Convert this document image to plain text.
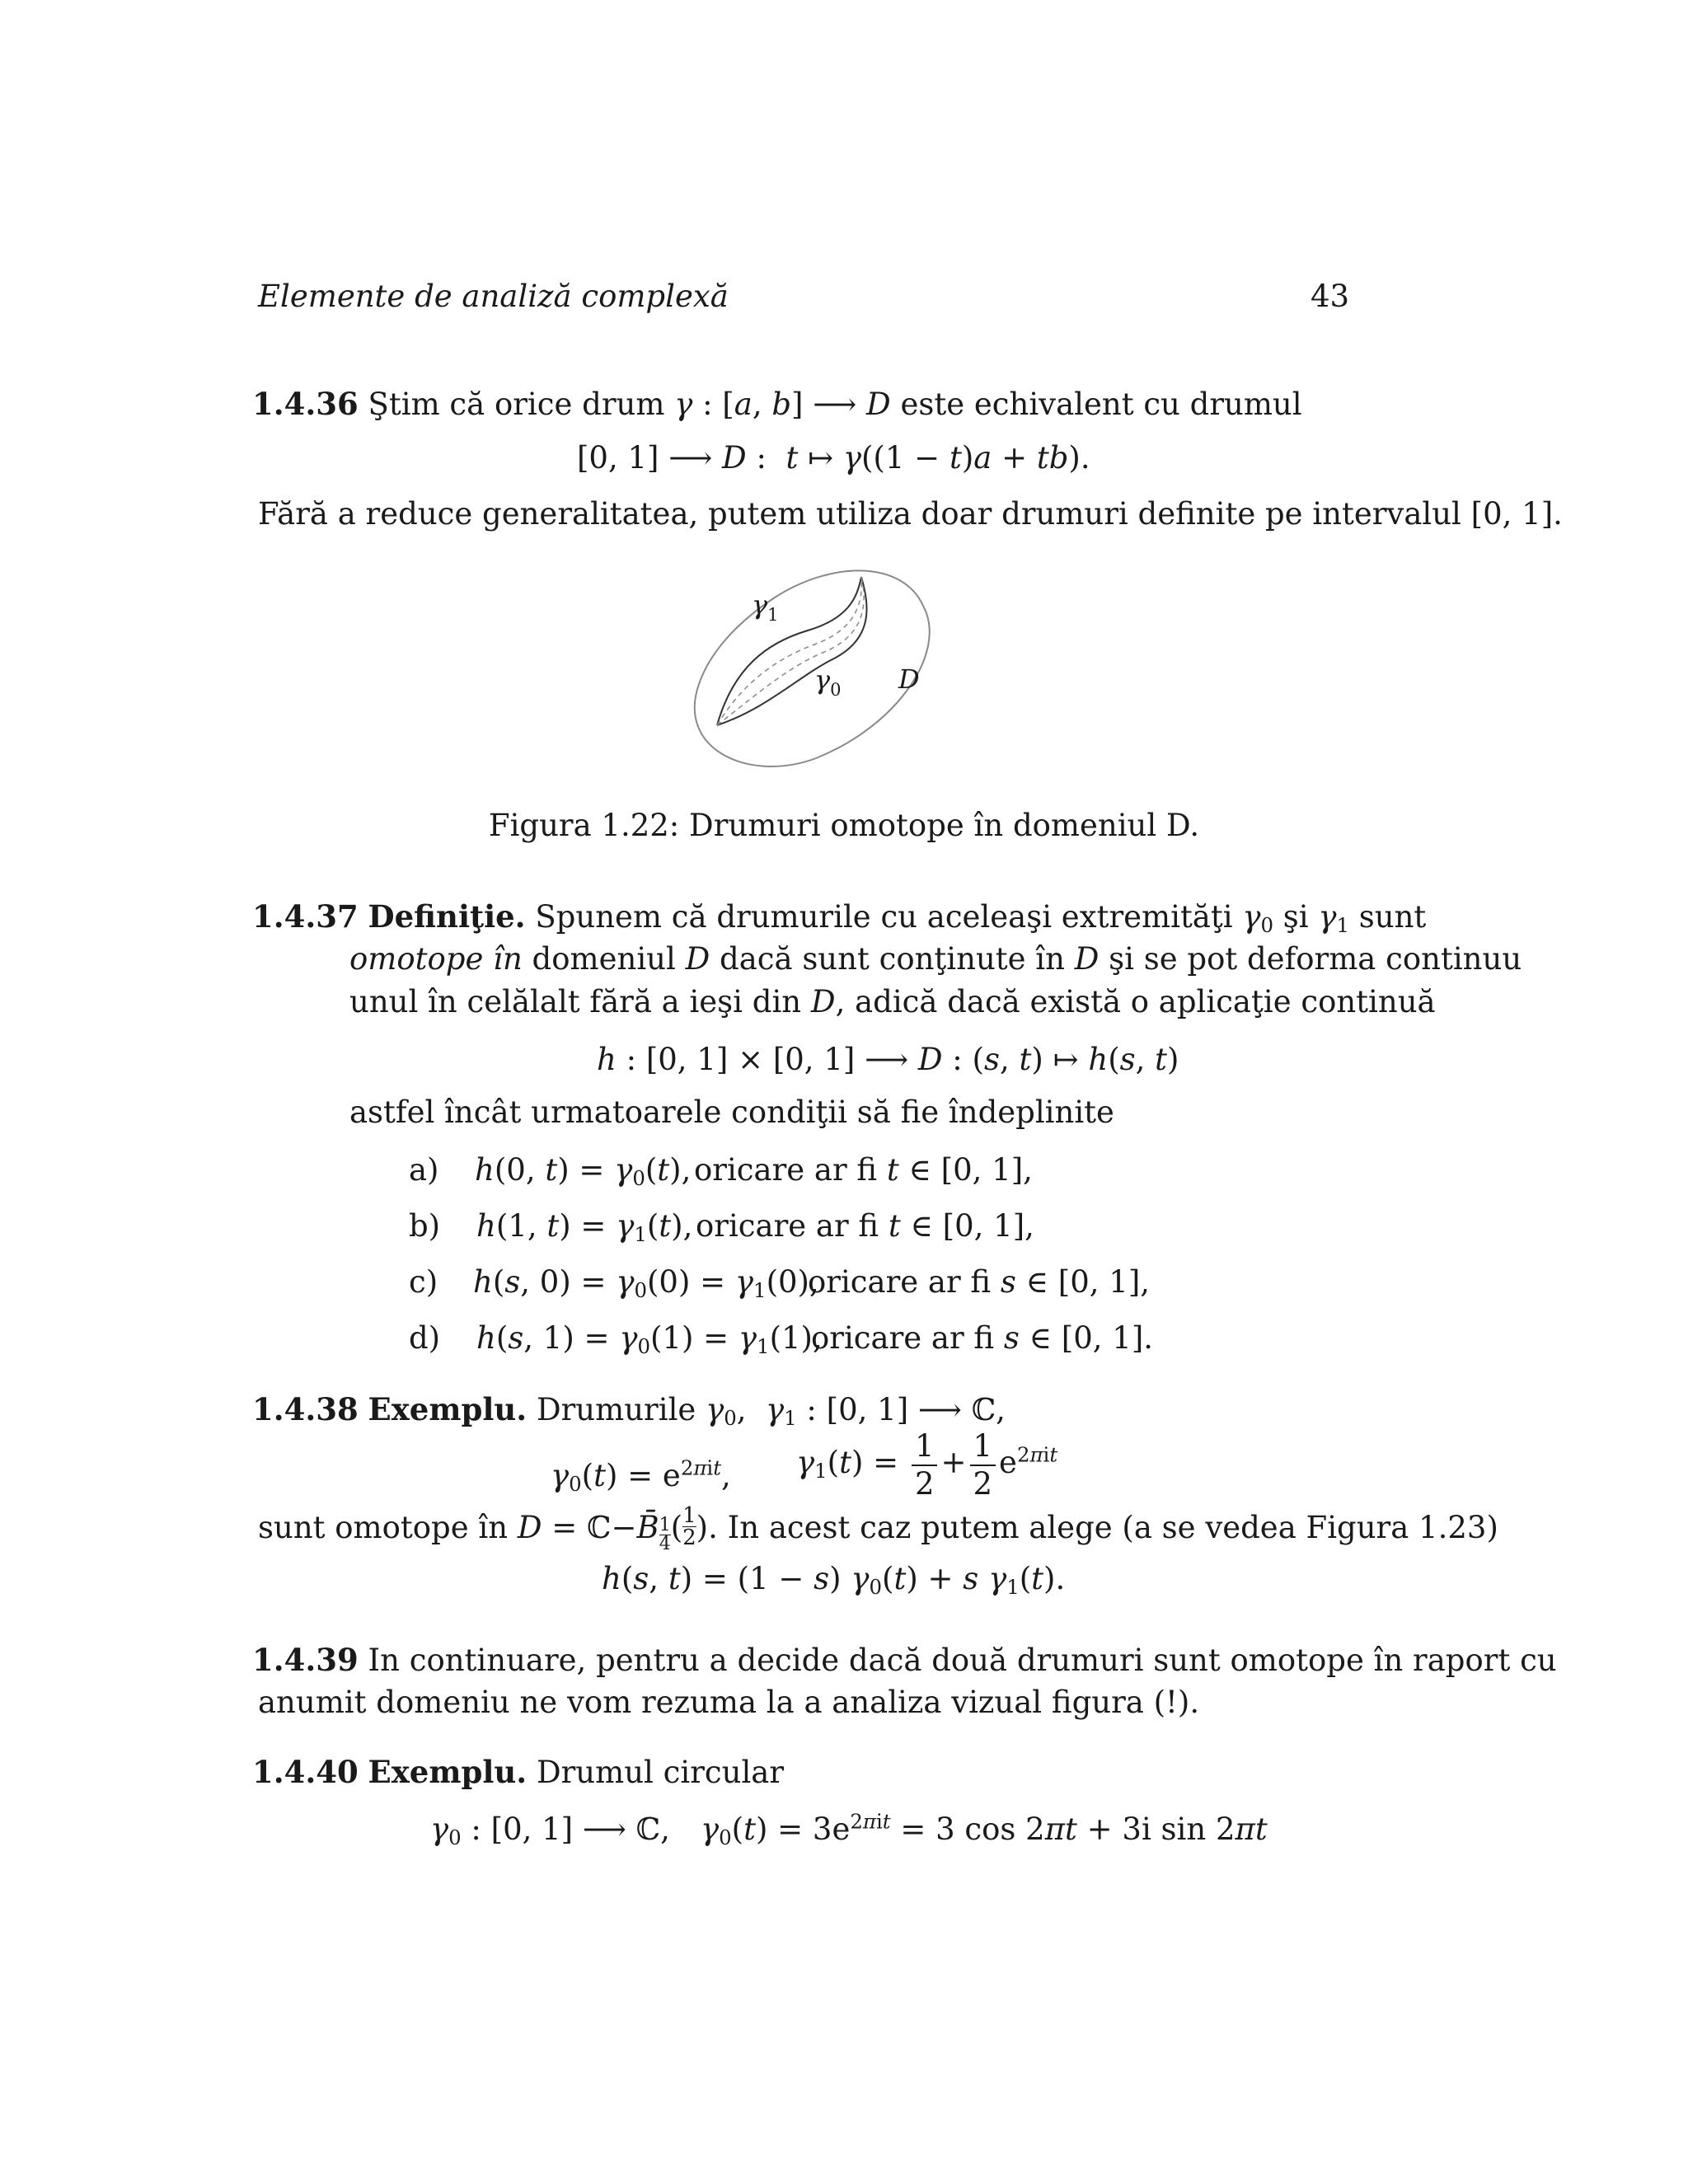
Elemente de analiză complexă	43
1.4.36 Ştim că orice drum γ : [a, b] ⟶ D este echivalent cu drumul
[0, 1] ⟶ D :  t ↦ γ((1 − t)a + tb).
Fără a reduce generalitatea, putem utiliza doar drumuri definite pe intervalul [0, 1].
$\gamma_1$
$\gamma_0$ D
Figura 1.22: Drumuri omotope în domeniul D.
1.4.37 Definiţie. Spunem că drumurile cu aceleaşi extremităţi $\gamma_0$ şi $\gamma_1$ sunt
omotope în domeniul D dacă sunt conţinute în D şi se pot deforma continuu
unul în celălalt fără a ieşi din D, adică dacă există o aplicaţie continuă
h : [0, 1] × [0, 1] ⟶ D : (s, t) ↦ h(s, t)
astfel încât urmatoarele condiţii să fie îndeplinite
a) h(0, $t) = \gamma_0(t)$, oricare ar fi t ∈ [0, 1],
b) h(1, $t) = \gamma_1(t)$, oricare ar fi t ∈ [0, 1],
c) h(s, $0) = \gamma_0(0) = \gamma_1(0)$,
oricare ar fi s ∈ [0, 1],
d) h(s, $1) = \gamma_0(1) = \gamma_1(1)$,
oricare ar fi s ∈ [0, 1].
1.4.38 Exemplu. Drumurile $\gamma_0$,  $\gamma_1$ : [0, 1] ⟶ ℂ,
$\gamma_0(t) = e^{2\pi it}$, $\gamma_1(t) = \frac{1}{2} + \frac{1}{2} e^{2\pi it}$
sunt omotope în D = ℂ−B̄ $_{\frac{1}{4}}$ ( $\frac{1}{2}$ ). In acest caz putem alege (a se vedea Figura 1.23)
h(s, t) = (1 − s) $\gamma_0(t) + s$ $\gamma_1(t)$.
1.4.39 In continuare, pentru a decide dacă două drumuri sunt omotope în raport cu
anumit domeniu ne vom rezuma la a analiza vizual figura (!).
1.4.40 Exemplu. Drumul circular
$\gamma_0$ : [0, 1] ⟶ ℂ, $\gamma_0(t) = 3e^{2\pi it} = 3$ cos 2πt + 3i sin 2πt
